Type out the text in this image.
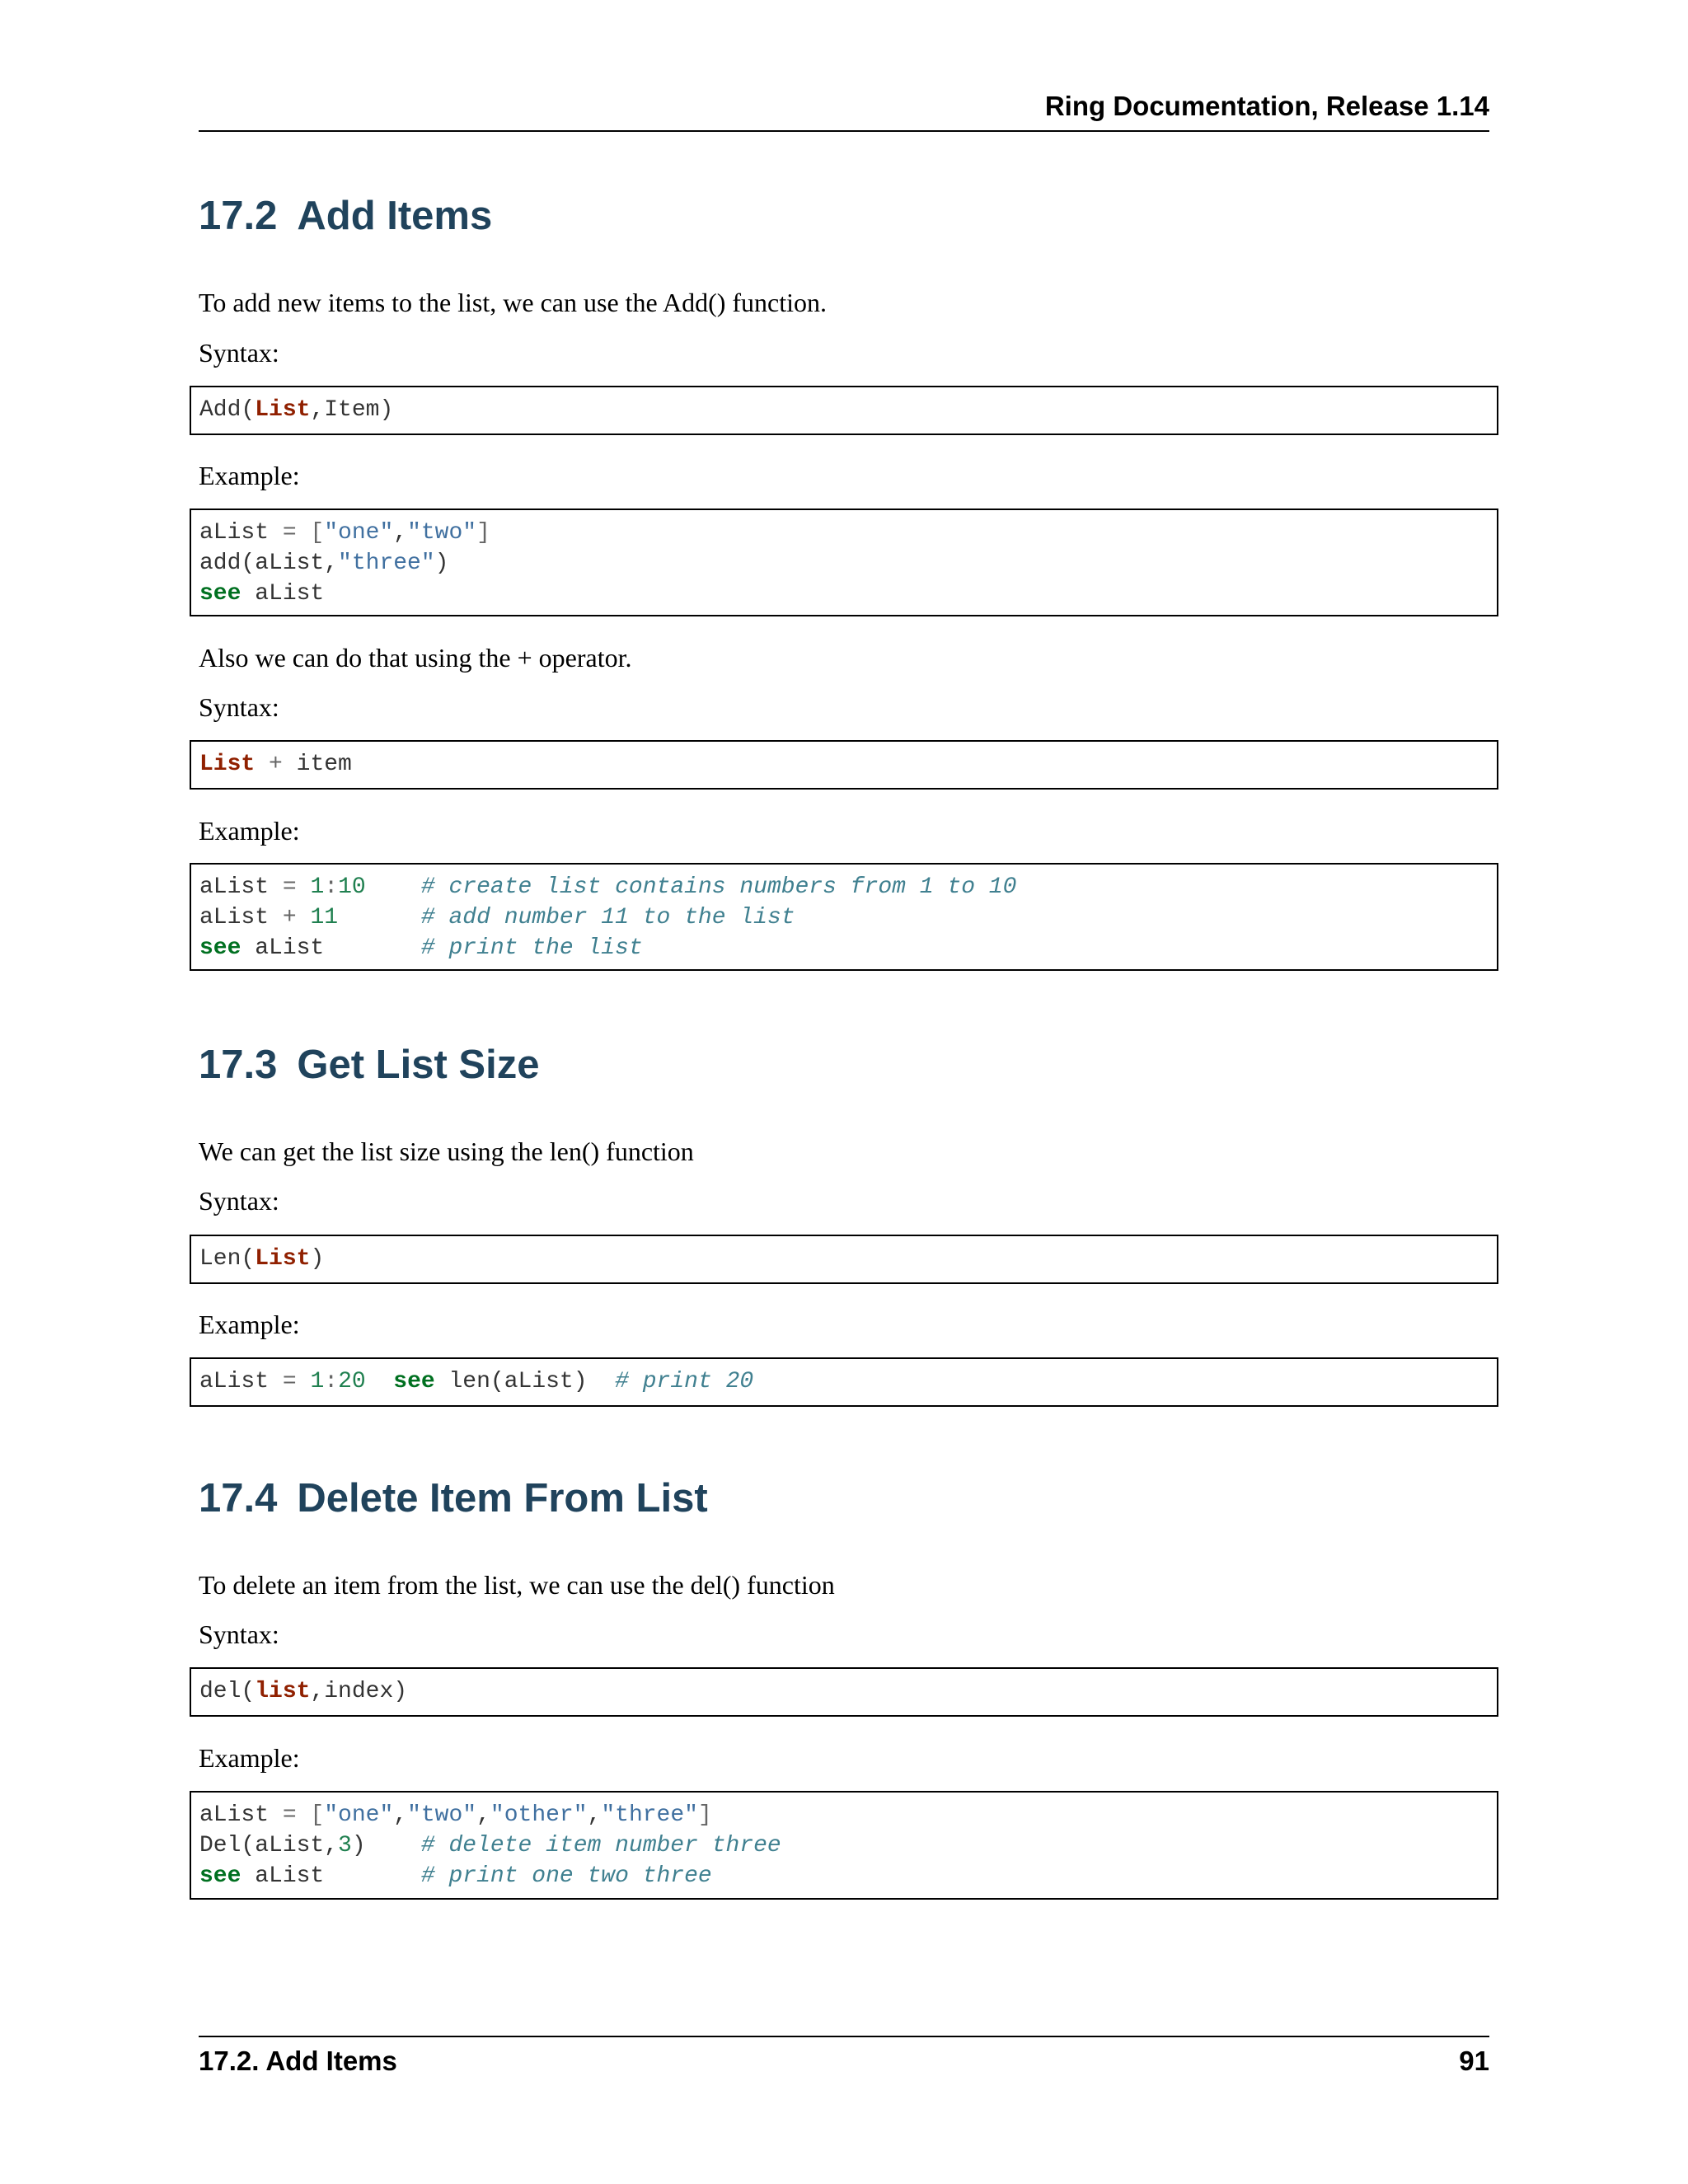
Ring Documentation, Release 1.14
17.2 Add Items

To add new items to the list, we can use the Add() function.

Syntax:

Add(List,Item)

Example:

aList = ["one","two"]
add(aList,"three")
see aList

Also we can do that using the + operator.

Syntax:

List + item

Example:

aList = 1:10 # create list contains numbers from 1 to 10
aList + 11	# add number 11 to the list
see aList       # print the list
17.3 Get List Size

We can get the list size using the len() function

Syntax:

Len(List)

Example:

aList = 1:20 see len(aList)  # print 20
17.4 Delete Item From List

To delete an item from the list, we can use the del() function

Syntax:

del(list,index)

Example:

aList = ["one","two","other","three"]
Del(aList,3)    # delete item number three
see aList       # print one two three
17.2. Add Items	91
